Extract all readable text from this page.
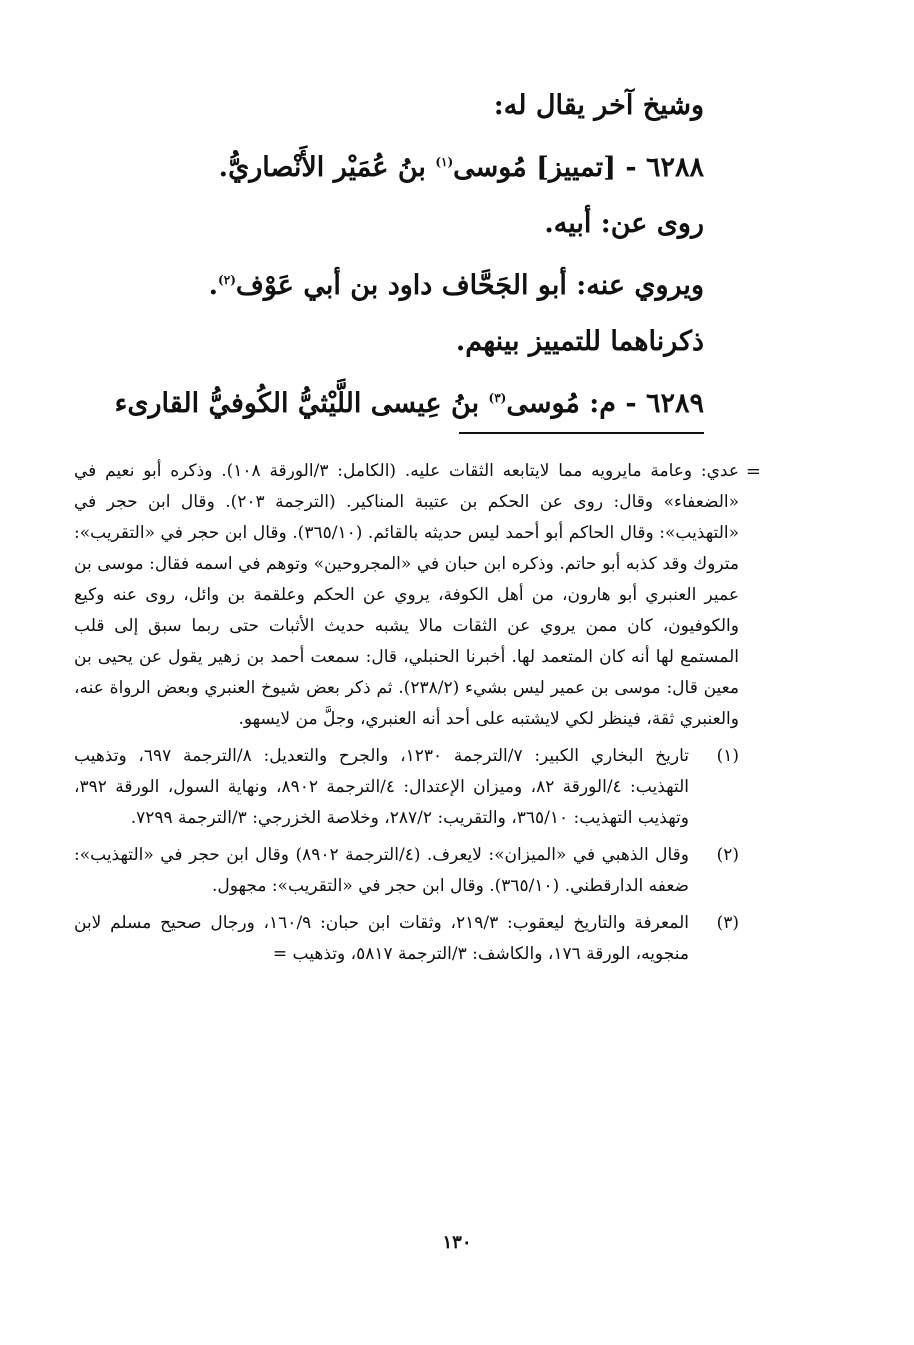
وشيخ آخر يقال له:
٦٢٨٨ - [تمييز] مُوسى$^{(١)}$ بنُ عُمَيْر الأَنْصاريُّ.
روى عن: أبيه.
ويروي عنه: أبو الجَحَّاف داود بن أبي عَوْف$^{(٢)}$.
ذكرناهما للتمييز بينهم.
٦٢٨٩ - م: مُوسى$^{(٣)}$ بنُ عِيسى اللَّيْثيُّ الكُوفيُّ القارىء
=

عدي: وعامة مايرويه مما لايتابعه الثقات عليه. (الكامل: ٣/الورقة ١٠٨). وذكره أبو نعيم في «الضعفاء» وقال: روى عن الحكم بن عتيبة المناكير. (الترجمة ٢٠٣). وقال ابن حجر في «التهذيب»: وقال الحاكم أبو أحمد ليس حديثه بالقائم. (٣٦٥/١٠). وقال ابن حجر في «التقريب»: متروك وقد كذبه أبو حاتم. وذكره ابن حبان في «المجروحين» وتوهم في اسمه فقال: موسى بن عمير العنبري أبو هارون، من أهل الكوفة، يروي عن الحكم وعلقمة بن وائل، روى عنه وكيع والكوفيون، كان ممن يروي عن الثقات مالا يشبه حديث الأثبات حتى ربما سبق إلى قلب المستمع لها أنه كان المتعمد لها. أخبرنا الحنبلي، قال: سمعت أحمد بن زهير يقول عن يحيى بن معين قال: موسى بن عمير ليس بشيء (٢٣٨/٢). ثم ذكر بعض شيوخ العنبري وبعض الرواة عنه، والعنبري ثقة، فينظر لكي لايشتبه على أحد أنه العنبري، وجلَّ من لايسهو.

(١)
تاريخ البخاري الكبير: ٧/الترجمة ١٢٣٠، والجرح والتعديل: ٨/الترجمة ٦٩٧، وتذهيب التهذيب: ٤/الورقة ٨٢، وميزان الإعتدال: ٤/الترجمة ٨٩٠٢، ونهاية السول، الورقة ٣٩٢، وتهذيب التهذيب: ٣٦٥/١٠، والتقريب: ٢٨٧/٢، وخلاصة الخزرجي: ٣/الترجمة ٧٢٩٩.
(٢)
وقال الذهبي في «الميزان»: لايعرف. (٤/الترجمة ٨٩٠٢) وقال ابن حجر في «التهذيب»: ضعفه الدارقطني. (٣٦٥/١٠). وقال ابن حجر في «التقريب»: مجهول.
(٣)
المعرفة والتاريخ ليعقوب: ٢١٩/٣، وثقات ابن حبان: ١٦٠/٩، ورجال صحيح مسلم لابن منجويه، الورقة ١٧٦، والكاشف: ٣/الترجمة ٥٨١٧، وتذهيب =
١٣٠
